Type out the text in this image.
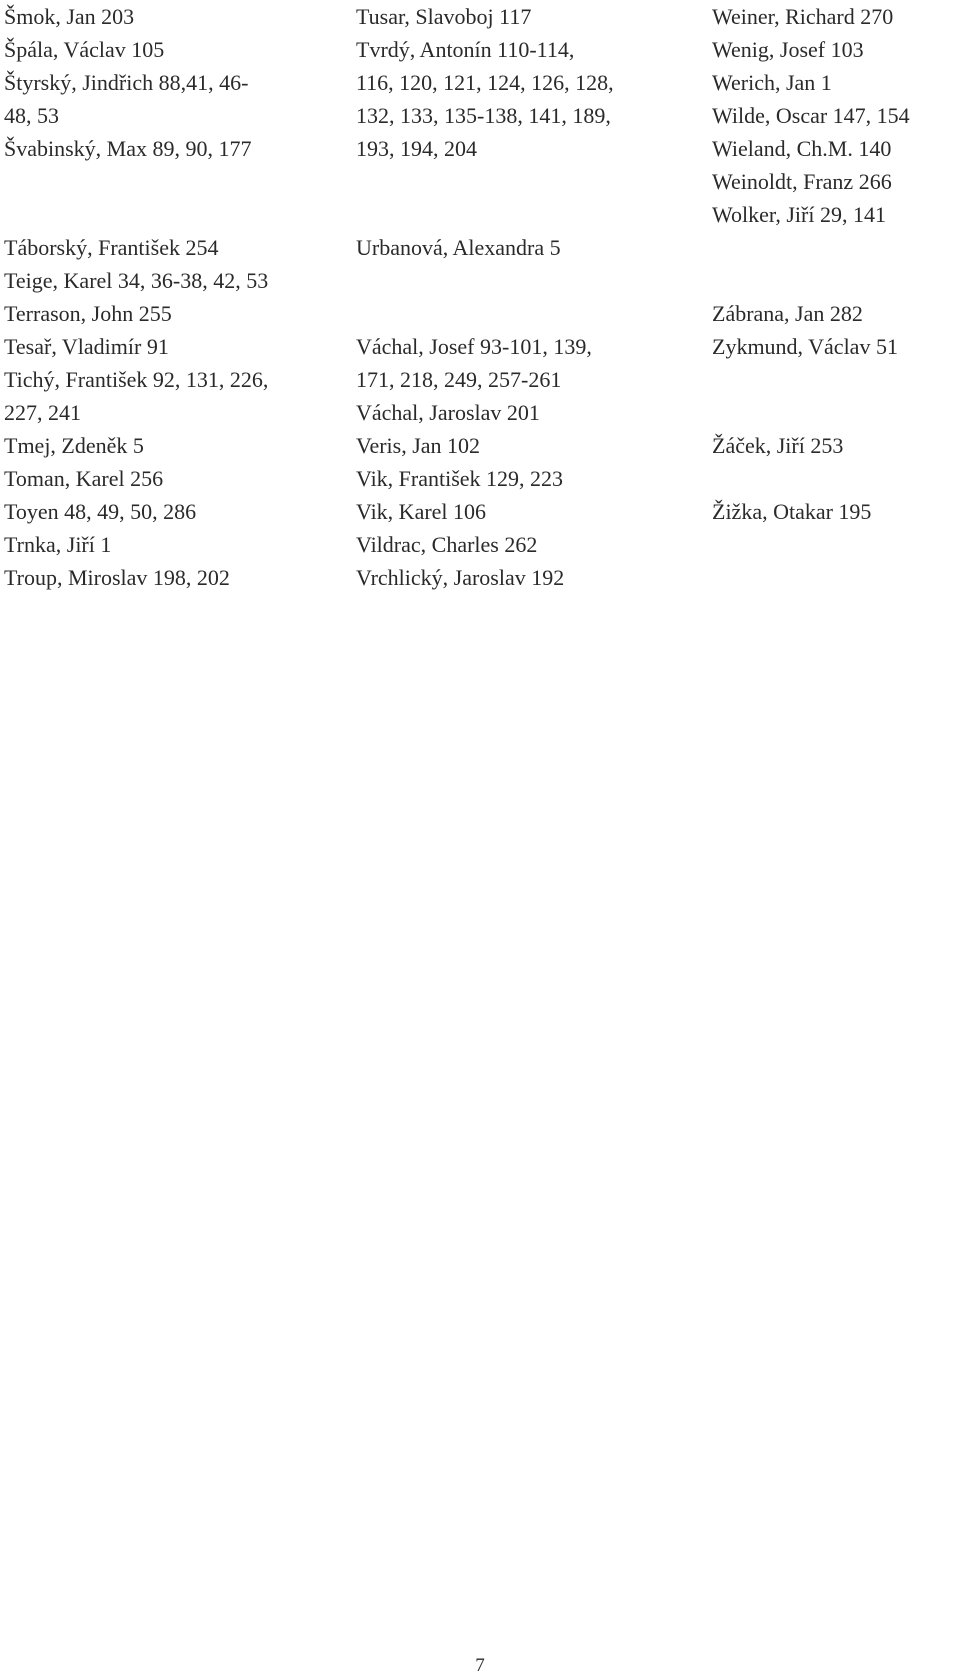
Šmok, Jan 203
Špála, Václav 105
Štyrský, Jindřich 88,41, 46-
48, 53
Švabinský, Max 89, 90, 177
Táborský, František 254
Teige, Karel 34, 36-38, 42, 53
Terrason, John 255
Tesař, Vladimír 91
Tichý, František 92, 131, 226,
227, 241
Tmej, Zdeněk 5
Toman, Karel 256
Toyen 48, 49, 50, 286
Trnka, Jiří 1
Troup, Miroslav 198, 202
Tusar, Slavoboj 117
Tvrdý, Antonín 110-114,
116, 120, 121, 124, 126, 128,
132, 133, 135-138, 141, 189,
193, 194, 204
Urbanová, Alexandra 5
Váchal, Josef 93-101, 139,
171, 218, 249, 257-261
Váchal, Jaroslav 201
Veris, Jan 102
Vik, František 129, 223
Vik, Karel 106
Vildrac, Charles 262
Vrchlický, Jaroslav 192
Weiner, Richard 270
Wenig, Josef 103
Werich, Jan 1
Wilde, Oscar 147, 154
Wieland, Ch.M. 140
Weinoldt, Franz 266
Wolker, Jiří 29, 141
Zábrana, Jan 282
Zykmund, Václav 51
Žáček, Jiří 253
Žižka, Otakar 195
7
